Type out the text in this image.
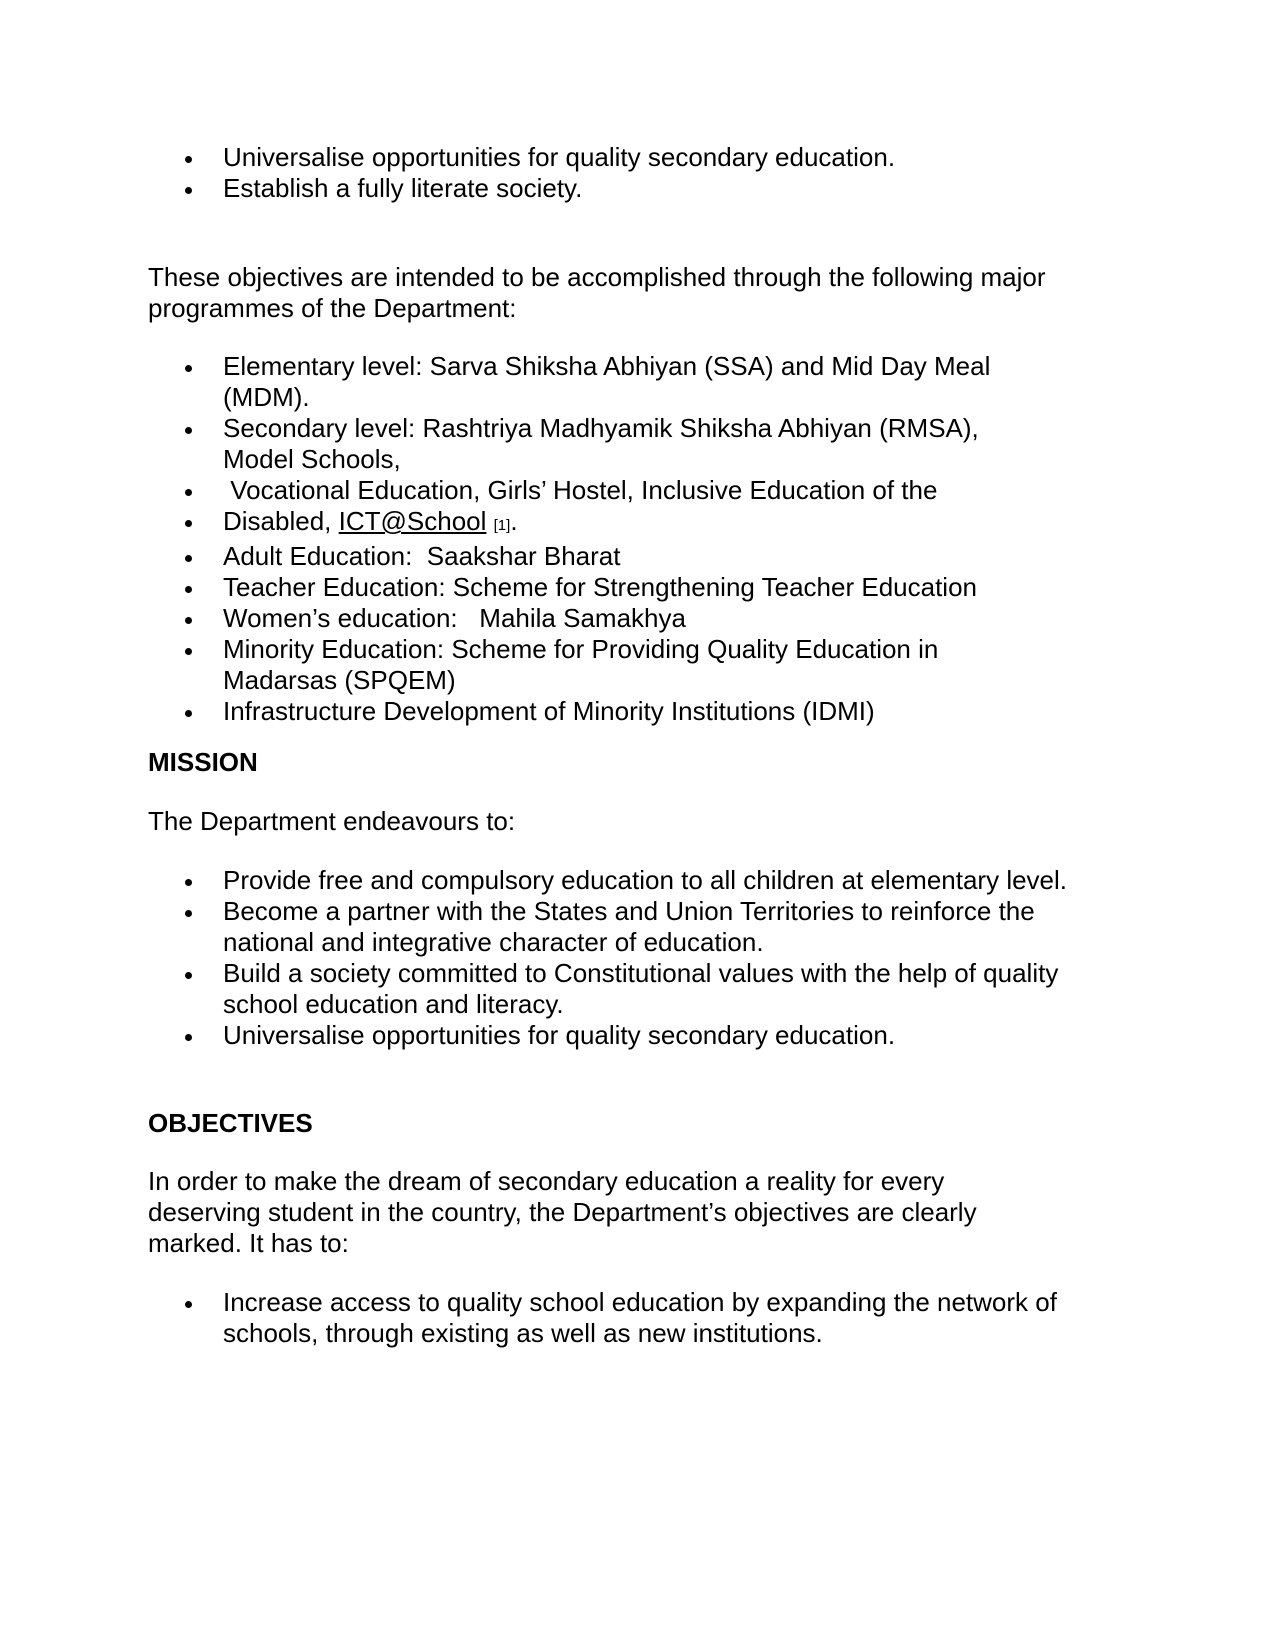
Universalise opportunities for quality secondary education.
Establish a fully literate society.

These objectives are intended to be accomplished through the following major programmes of the Department:

Elementary level: Sarva Shiksha Abhiyan (SSA) and Mid Day Meal (MDM).
Secondary level: Rashtriya Madhyamik Shiksha Abhiyan (RMSA), Model Schools,
Vocational Education, Girls’ Hostel, Inclusive Education of the
Disabled, ICT@School [1].
Adult Education:  Saakshar Bharat
Teacher Education: Scheme for Strengthening Teacher Education
Women’s education:   Mahila Samakhya
Minority Education: Scheme for Providing Quality Education in Madarsas (SPQEM)
Infrastructure Development of Minority Institutions (IDMI)
MISSION

The Department endeavours to:

Provide free and compulsory education to all children at elementary level.
Become a partner with the States and Union Territories to reinforce the national and integrative character of education.
Build a society committed to Constitutional values with the help of quality school education and literacy.
Universalise opportunities for quality secondary education.
OBJECTIVES

In order to make the dream of secondary education a reality for every deserving student in the country, the Department’s objectives are clearly marked. It has to:

Increase access to quality school education by expanding the network of schools, through existing as well as new institutions.
